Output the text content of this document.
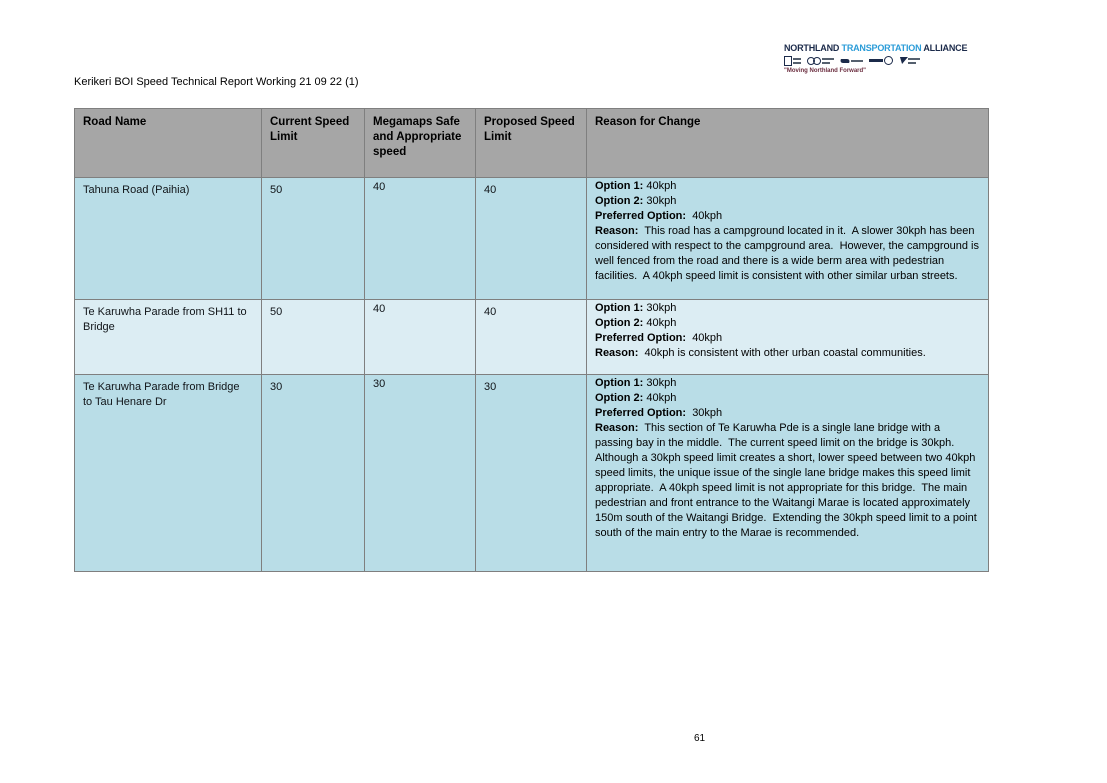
NORTHLAND TRANSPORTATION ALLIANCE
"Moving Northland Forward"
Kerikeri BOI Speed Technical Report Working 21 09 22 (1)
Road Name	Current Speed Limit	Megamaps Safe and Appropriate speed	Proposed Speed Limit	Reason for Change
Tahuna Road (Paihia)	50	40	40	Option 1: 40kph
Option 2: 30kph
Preferred Option:  40kph
Reason:  This road has a campground located in it.  A slower 30kph has been considered with respect to the campground area.  However, the campground is well fenced from the road and there is a wide berm area with pedestrian facilities.  A 40kph speed limit is consistent with other similar urban streets.

Te Karuwha Parade from SH11 to Bridge	50	40	40	Option 1: 30kph
Option 2: 40kph
Preferred Option:  40kph
Reason:  40kph is consistent with other urban coastal communities.

Te Karuwha Parade from Bridge to Tau Henare Dr	30	30	30	Option 1: 30kph
Option 2: 40kph
Preferred Option:  30kph
Reason:  This section of Te Karuwha Pde is a single lane bridge with a passing bay in the middle.  The current speed limit on the bridge is 30kph.  Although a 30kph speed limit creates a short, lower speed between two 40kph speed limits, the unique issue of the single lane bridge makes this speed limit appropriate.  A 40kph speed limit is not appropriate for this bridge.  The main pedestrian and front entrance to the Waitangi Marae is located approximately 150m south of the Waitangi Bridge.  Extending the 30kph speed limit to a point south of the main entry to the Marae is recommended.
61
